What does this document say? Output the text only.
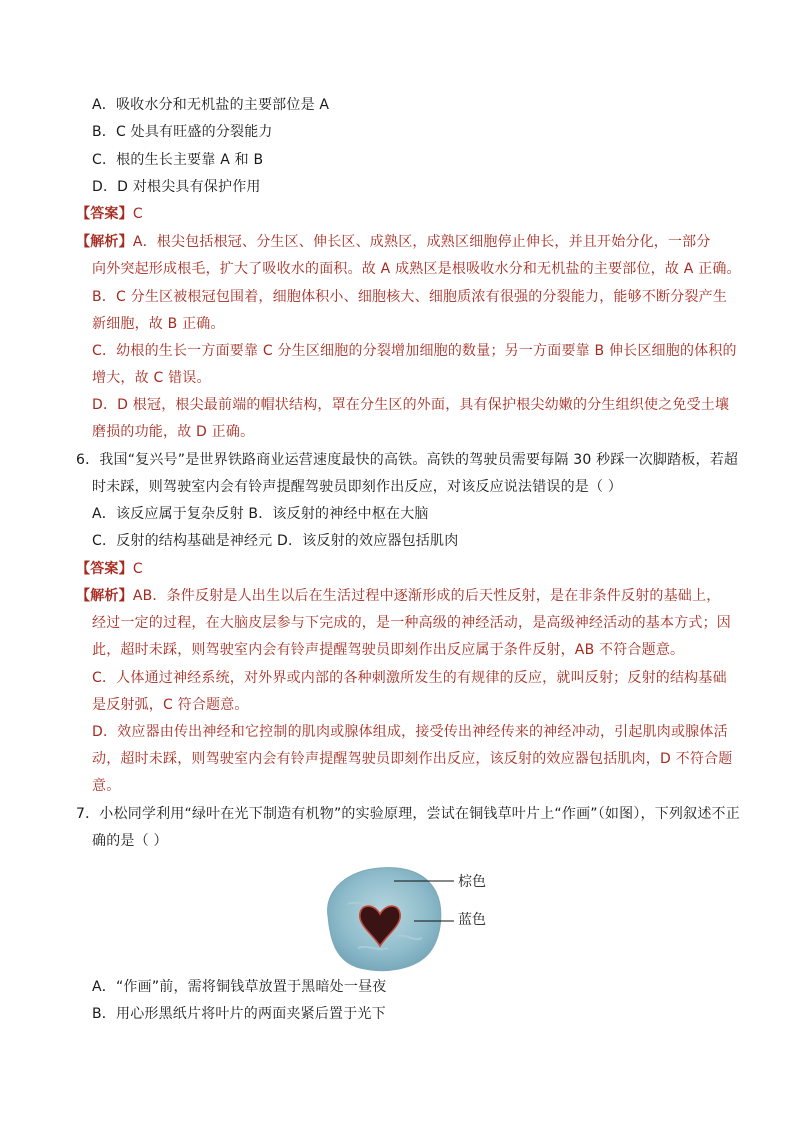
A．吸收水分和无机盐的主要部位是 A
B．C 处具有旺盛的分裂能力
C．根的生长主要靠 A 和 B
D．D 对根尖具有保护作用
【答案】C
【解析】A．根尖包括根冠、分生区、伸长区、成熟区，成熟区细胞停止伸长，并且开始分化，一部分
向外突起形成根毛，扩大了吸收水的面积。故 A 成熟区是根吸收水分和无机盐的主要部位，故 A 正确。
B．C 分生区被根冠包围着，细胞体积小、细胞核大、细胞质浓有很强的分裂能力，能够不断分裂产生
新细胞，故 B 正确。
C．幼根的生长一方面要靠 C 分生区细胞的分裂增加细胞的数量；另一方面要靠 B 伸长区细胞的体积的
增大，故 C 错误。
D．D 根冠，根尖最前端的帽状结构，罩在分生区的外面，具有保护根尖幼嫩的分生组织使之免受土壤
磨损的功能，故 D 正确。
6．我国“复兴号”是世界铁路商业运营速度最快的高铁。高铁的驾驶员需要每隔 30 秒踩一次脚踏板，若超
时未踩，则驾驶室内会有铃声提醒驾驶员即刻作出反应，对该反应说法错误的是（ ）
A．该反应属于复杂反射 B．该反射的神经中枢在大脑
C．反射的结构基础是神经元 D．该反射的效应器包括肌肉
【答案】C
【解析】AB．条件反射是人出生以后在生活过程中逐渐形成的后天性反射，是在非条件反射的基础上，
经过一定的过程，在大脑皮层参与下完成的，是一种高级的神经活动，是高级神经活动的基本方式；因
此，超时未踩，则驾驶室内会有铃声提醒驾驶员即刻作出反应属于条件反射，AB 不符合题意。
C．人体通过神经系统，对外界或内部的各种刺激所发生的有规律的反应，就叫反射；反射的结构基础
是反射弧，C 符合题意。
D．效应器由传出神经和它控制的肌肉或腺体组成，接受传出神经传来的神经冲动，引起肌肉或腺体活
动，超时未踩，则驾驶室内会有铃声提醒驾驶员即刻作出反应，该反射的效应器包括肌肉，D 不符合题
意。
7．小松同学利用“绿叶在光下制造有机物”的实验原理，尝试在铜钱草叶片上“作画”（如图），下列叙述不正
确的是（ ）
棕色
蓝色
A．“作画”前，需将铜钱草放置于黑暗处一昼夜
B．用心形黑纸片将叶片的两面夹紧后置于光下
